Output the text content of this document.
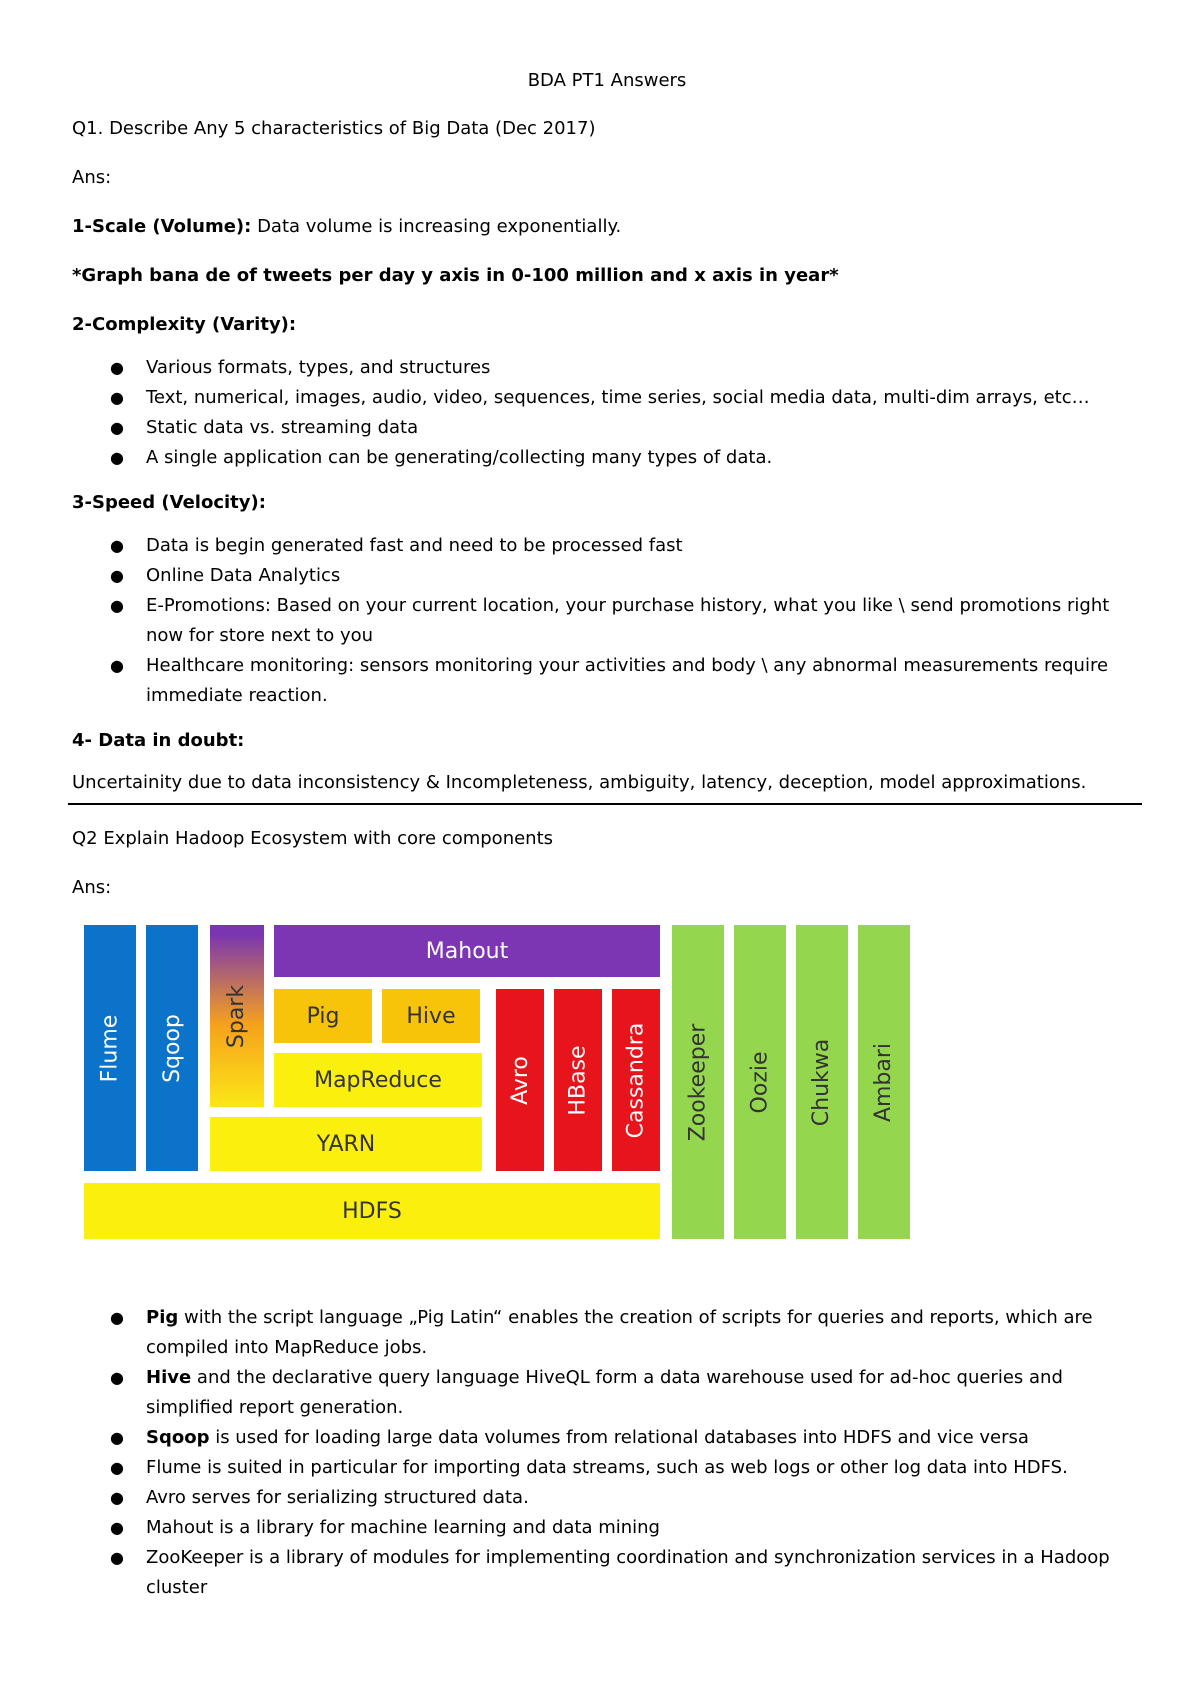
BDA PT1 Answers

Q1. Describe Any 5 characteristics of Big Data (Dec 2017)

Ans:

1-Scale (Volume): Data volume is increasing exponentially.

*Graph bana de of tweets per day y axis in 0-100 million and x axis in year*

2-Complexity (Varity):

● Various formats, types, and structures
● Text, numerical, images, audio, video, sequences, time series, social media data, multi-dim arrays, etc…
● Static data vs. streaming data
● A single application can be generating/collecting many types of data.

3-Speed (Velocity):

● Data is begin generated fast and need to be processed fast
● Online Data Analytics
● E-Promotions: Based on your current location, your purchase history, what you like \ send promotions right now for store next to you
● Healthcare monitoring: sensors monitoring your activities and body \ any abnormal measurements require immediate reaction.

4- Data in doubt:

Uncertainity due to data inconsistency & Incompleteness, ambiguity, latency, deception, model approximations.

Q2 Explain Hadoop Ecosystem with core components

Ans:

Flume Sqoop Spark
Mahout
Pig	Hive
MapReduce
YARN
HDFS
Avro HBase Cassandra Zookeeper Oozie Chukwa Ambari
● Pig with the script language „Pig Latin“ enables the creation of scripts for queries and reports, which are compiled into MapReduce jobs.
● Hive and the declarative query language HiveQL form a data warehouse used for ad-hoc queries and simplified report generation.
● Sqoop is used for loading large data volumes from relational databases into HDFS and vice versa
● Flume is suited in particular for importing data streams, such as web logs or other log data into HDFS.
● Avro serves for serializing structured data.
● Mahout is a library for machine learning and data mining
● ZooKeeper is a library of modules for implementing coordination and synchronization services in a Hadoop cluster
